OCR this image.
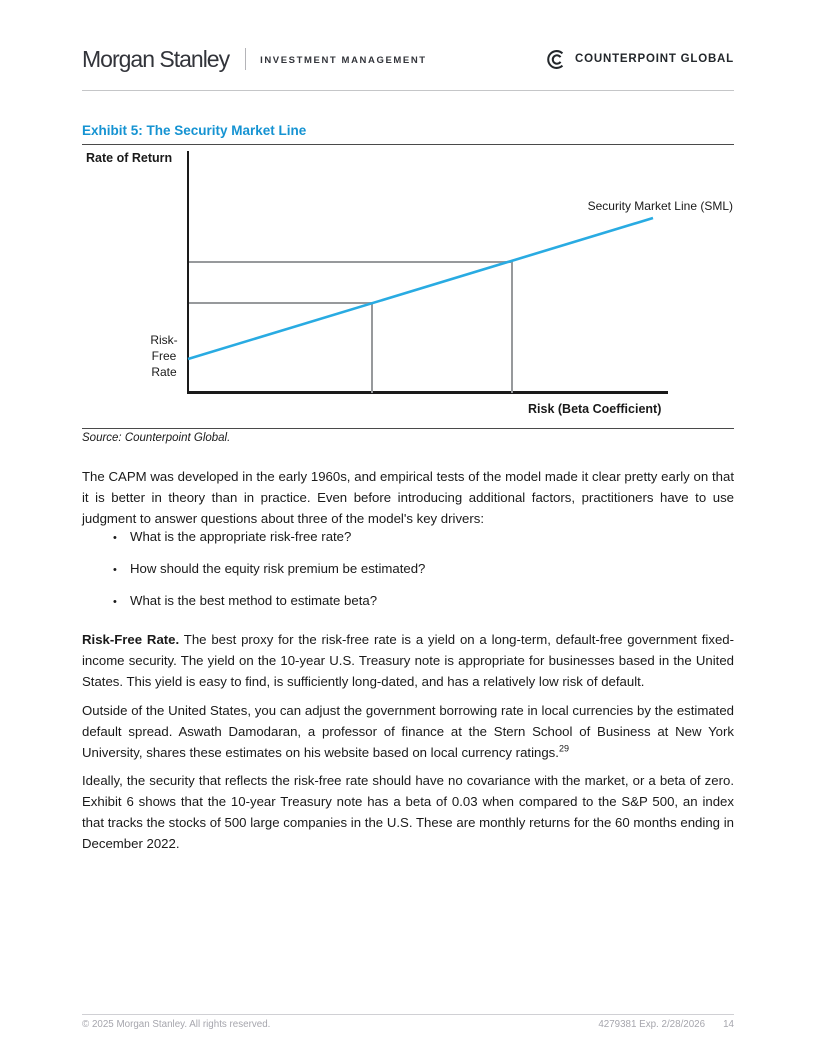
Morgan Stanley	INVESTMENT MANAGEMENT	COUNTERPOINT GLOBAL
Exhibit 5: The Security Market Line
Rate of Return
Security Market Line (SML)
Risk-
Free
Rate
Risk (Beta Coefficient)
Source: Counterpoint Global.

The CAPM was developed in the early 1960s, and empirical tests of the model made it clear pretty early on that it is better in theory than in practice. Even before introducing additional factors, practitioners have to use judgment to answer questions about three of the model's key drivers:

• What is the appropriate risk-free rate?
• How should the equity risk premium be estimated?
• What is the best method to estimate beta?

Risk-Free Rate. The best proxy for the risk-free rate is a yield on a long-term, default-free government fixed-income security. The yield on the 10-year U.S. Treasury note is appropriate for businesses based in the United States. This yield is easy to find, is sufficiently long-dated, and has a relatively low risk of default.

Outside of the United States, you can adjust the government borrowing rate in local currencies by the estimated default spread. Aswath Damodaran, a professor of finance at the Stern School of Business at New York University, shares these estimates on his website based on local currency ratings.$^{29}$

Ideally, the security that reflects the risk-free rate should have no covariance with the market, or a beta of zero. Exhibit 6 shows that the 10-year Treasury note has a beta of 0.03 when compared to the S&P 500, an index that tracks the stocks of 500 large companies in the U.S. These are monthly returns for the 60 months ending in December 2022.

© 2025 Morgan Stanley. All rights reserved.	4279381 Exp. 2/28/2026 14
